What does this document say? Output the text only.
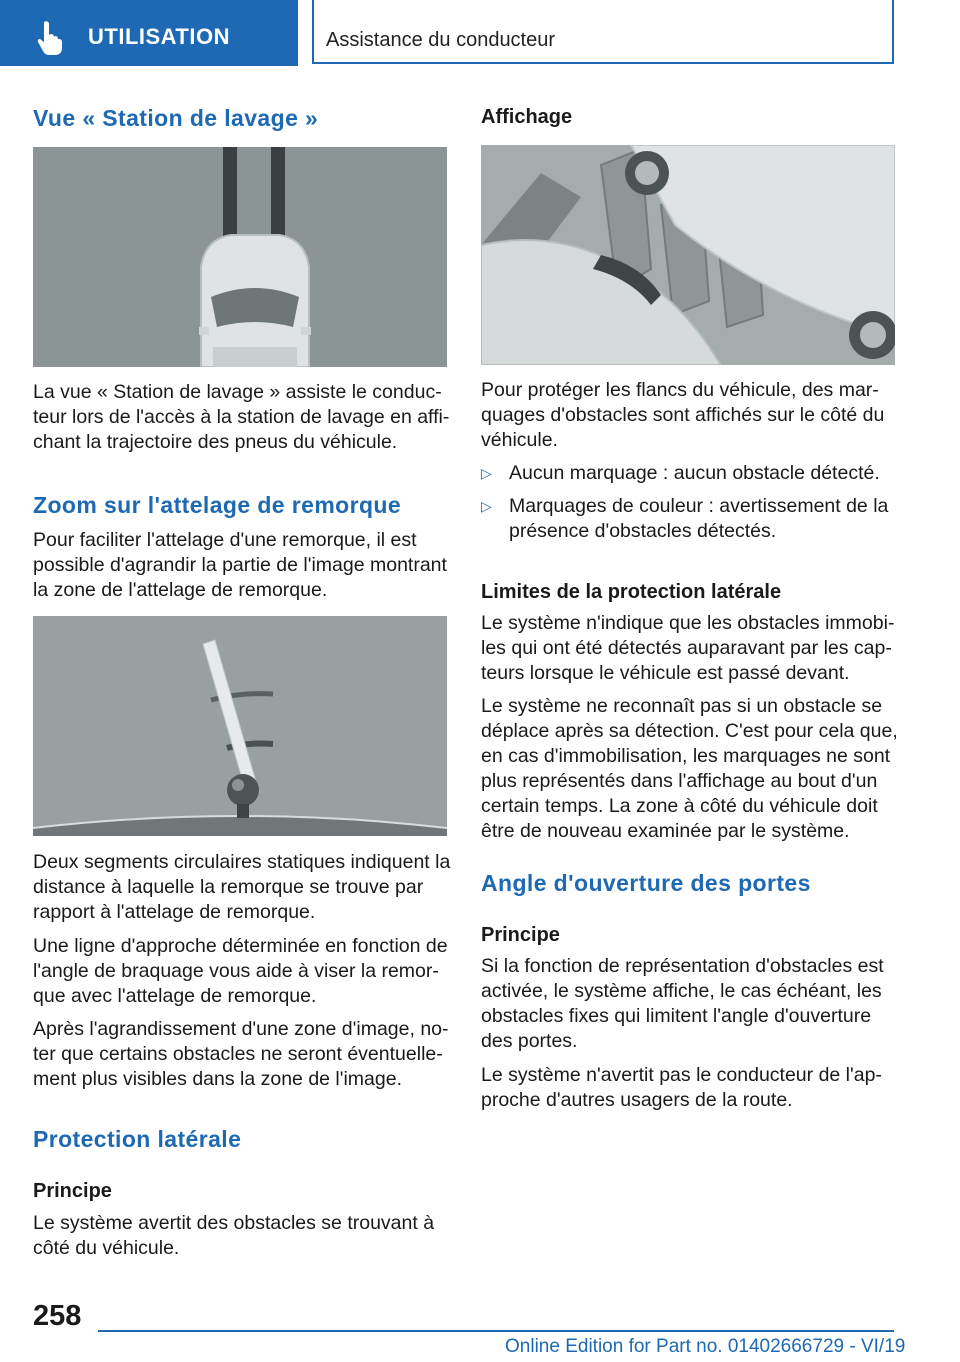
UTILISATION	Assistance du conducteur
Vue « Station de lavage »
La vue « Station de lavage » assiste le conduc-
teur lors de l'accès à la station de lavage en affi-
chant la trajectoire des pneus du véhicule.
Zoom sur l'attelage de remorque
Pour faciliter l'attelage d'une remorque, il est
possible d'agrandir la partie de l'image montrant
la zone de l'attelage de remorque.
Deux segments circulaires statiques indiquent la
distance à laquelle la remorque se trouve par
rapport à l'attelage de remorque.
Une ligne d'approche déterminée en fonction de
l'angle de braquage vous aide à viser la remor-
que avec l'attelage de remorque.
Après l'agrandissement d'une zone d'image, no-
ter que certains obstacles ne seront éventuelle-
ment plus visibles dans la zone de l'image.
Protection latérale
Principe
Le système avertit des obstacles se trouvant à
côté du véhicule.
Affichage
Pour protéger les flancs du véhicule, des mar-
quages d'obstacles sont affichés sur le côté du
véhicule.
▷ Aucun marquage : aucun obstacle détecté.
▷ Marquages de couleur : avertissement de la
présence d'obstacles détectés.
Limites de la protection latérale
Le système n'indique que les obstacles immobi-
les qui ont été détectés auparavant par les cap-
teurs lorsque le véhicule est passé devant.
Le système ne reconnaît pas si un obstacle se
déplace après sa détection. C'est pour cela que,
en cas d'immobilisation, les marquages ne sont
plus représentés dans l'affichage au bout d'un
certain temps. La zone à côté du véhicule doit
être de nouveau examinée par le système.
Angle d'ouverture des portes
Principe
Si la fonction de représentation d'obstacles est
activée, le système affiche, le cas échéant, les
obstacles fixes qui limitent l'angle d'ouverture
des portes.
Le système n'avertit pas le conducteur de l'ap-
proche d'autres usagers de la route.
258
Online Edition for Part no. 01402666729 - VI/19
